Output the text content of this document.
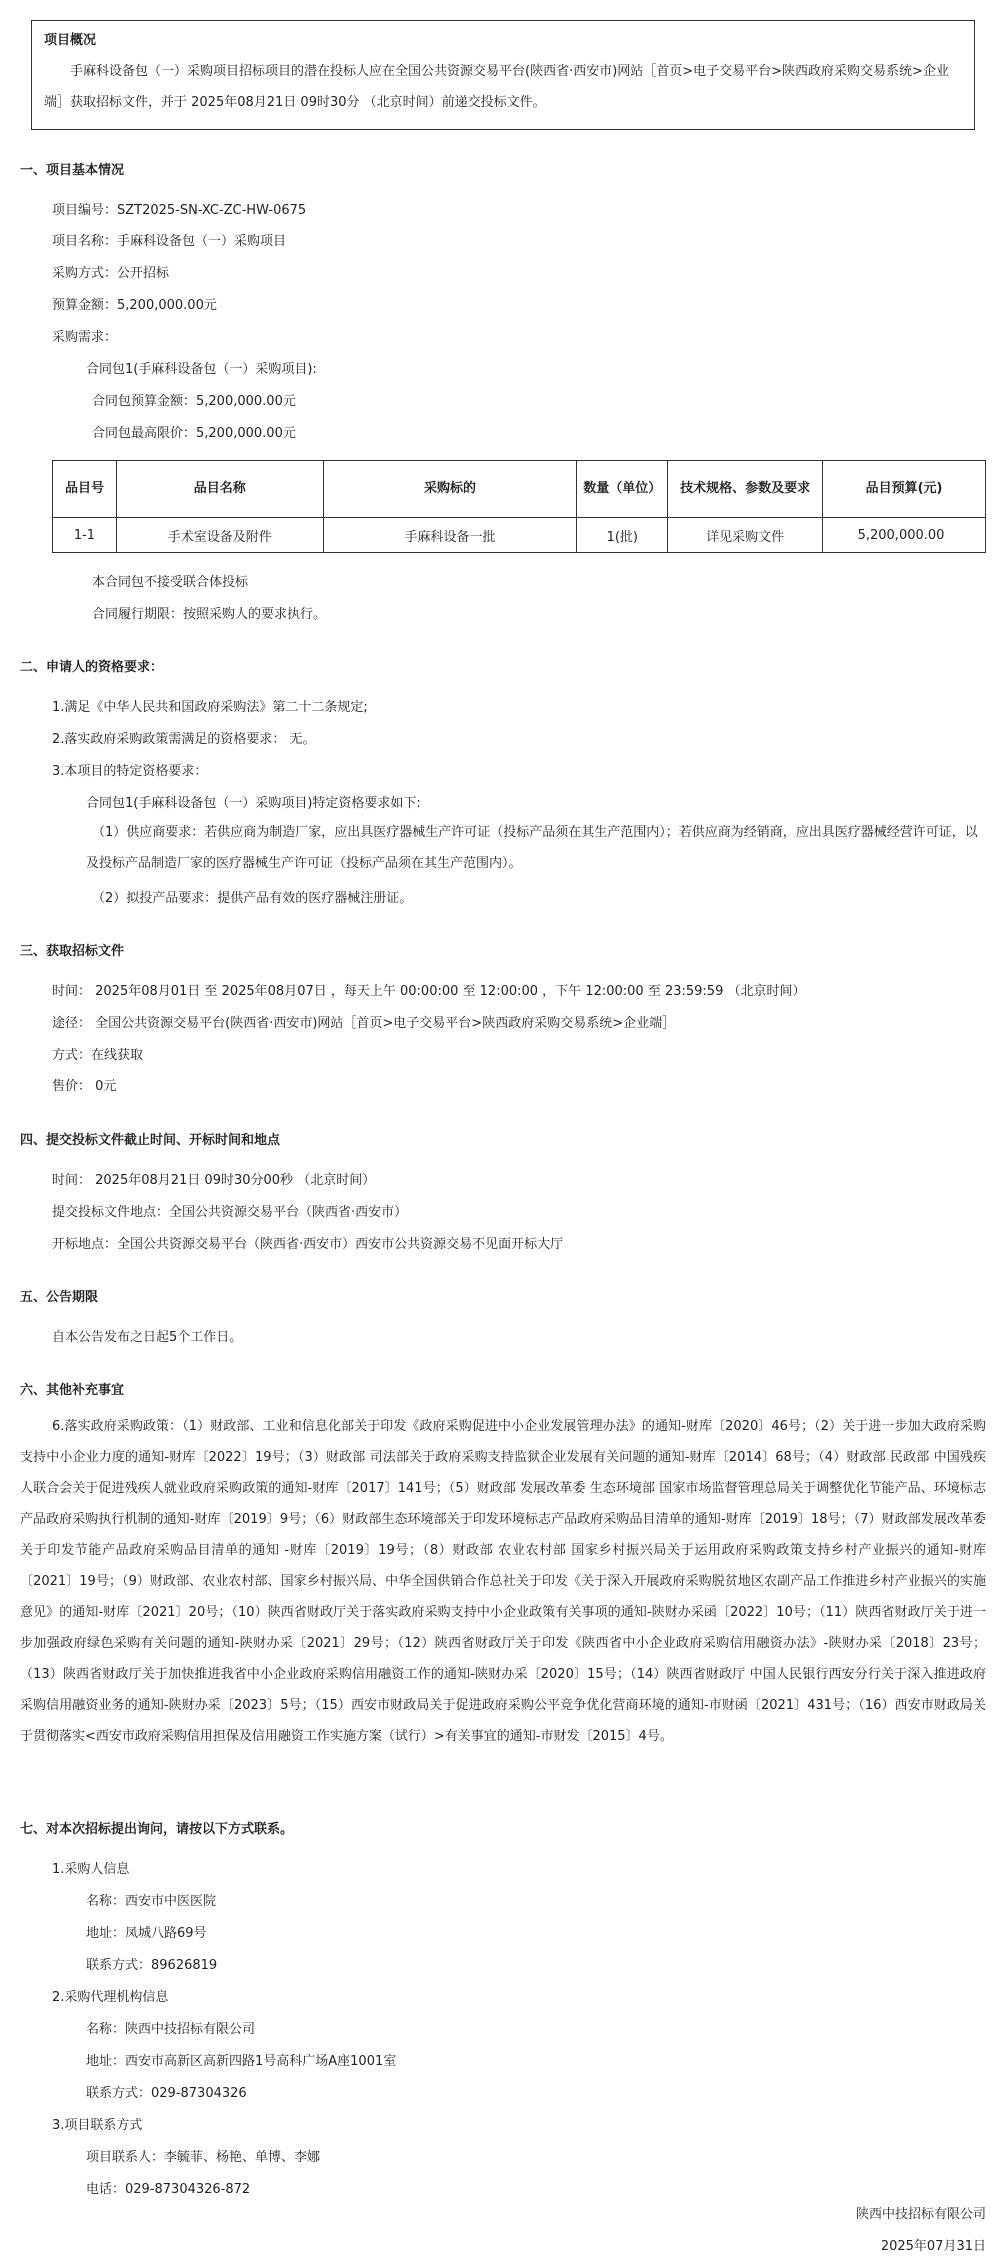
项目概况
手麻科设备包（一）采购项目招标项目的潜在投标人应在全国公共资源交易平台(陕西省·西安市)网站［首页>电子交易平台>陕西政府采购交易系统>企业端］获取招标文件，并于 2025年08月21日 09时30分 （北京时间）前递交投标文件。
一、项目基本情况
项目编号：SZT2025-SN-XC-ZC-HW-0675
项目名称：手麻科设备包（一）采购项目
采购方式：公开招标
预算金额：5,200,000.00元
采购需求：
合同包1(手麻科设备包（一）采购项目):
合同包预算金额：5,200,000.00元
合同包最高限价：5,200,000.00元
品目号	品目名称	采购标的	数量（单位）	技术规格、参数及要求	品目预算(元)
1-1	手术室设备及附件	手麻科设备一批	1(批)	详见采购文件	5,200,000.00
本合同包不接受联合体投标
合同履行期限：按照采购人的要求执行。
二、申请人的资格要求：
1.满足《中华人民共和国政府采购法》第二十二条规定;
2.落实政府采购政策需满足的资格要求： 无。
3.本项目的特定资格要求：
合同包1(手麻科设备包（一）采购项目)特定资格要求如下:
（1）供应商要求：若供应商为制造厂家，应出具医疗器械生产许可证（投标产品须在其生产范围内）；若供应商为经销商，应出具医疗器械经营许可证，以及投标产品制造厂家的医疗器械生产许可证（投标产品须在其生产范围内）。
（2）拟投产品要求：提供产品有效的医疗器械注册证。
三、获取招标文件
时间： 2025年08月01日 至 2025年08月07日 ，每天上午 00:00:00 至 12:00:00 ，下午 12:00:00 至 23:59:59 （北京时间）
途径： 全国公共资源交易平台(陕西省·西安市)网站［首页>电子交易平台>陕西政府采购交易系统>企业端］
方式：在线获取
售价： 0元
四、提交投标文件截止时间、开标时间和地点
时间： 2025年08月21日 09时30分00秒 （北京时间）
提交投标文件地点：全国公共资源交易平台（陕西省·西安市）
开标地点：全国公共资源交易平台（陕西省·西安市）西安市公共资源交易不见面开标大厅
五、公告期限
自本公告发布之日起5个工作日。
六、其他补充事宜
6.落实政府采购政策：（1）财政部、工业和信息化部关于印发《政府采购促进中小企业发展管理办法》的通知-财库〔2020〕46号；（2）关于进一步加大政府采购支持中小企业力度的通知-财库〔2022〕19号；（3）财政部 司法部关于政府采购支持监狱企业发展有关问题的通知-财库〔2014〕68号；（4）财政部 民政部 中国残疾人联合会关于促进残疾人就业政府采购政策的通知-财库〔2017〕141号；（5）财政部 发展改革委 生态环境部 国家市场监督管理总局关于调整优化节能产品、环境标志产品政府采购执行机制的通知-财库〔2019〕9号；（6）财政部生态环境部关于印发环境标志产品政府采购品目清单的通知-财库〔2019〕18号；（7）财政部发展改革委关于印发节能产品政府采购品目清单的通知 -财库〔2019〕19号；（8）财政部 农业农村部 国家乡村振兴局关于运用政府采购政策支持乡村产业振兴的通知-财库〔2021〕19号；（9）财政部、农业农村部、国家乡村振兴局、中华全国供销合作总社关于印发《关于深入开展政府采购脱贫地区农副产品工作推进乡村产业振兴的实施意见》的通知-财库〔2021〕20号；（10）陕西省财政厅关于落实政府采购支持中小企业政策有关事项的通知-陕财办采函〔2022〕10号；（11）陕西省财政厅关于进一步加强政府绿色采购有关问题的通知-陕财办采〔2021〕29号；（12）陕西省财政厅关于印发《陕西省中小企业政府采购信用融资办法》-陕财办采〔2018〕23号；（13）陕西省财政厅关于加快推进我省中小企业政府采购信用融资工作的通知-陕财办采〔2020〕15号；（14）陕西省财政厅 中国人民银行西安分行关于深入推进政府采购信用融资业务的通知-陕财办采〔2023〕5号；（15）西安市财政局关于促进政府采购公平竞争优化营商环境的通知-市财函〔2021〕431号；（16）西安市财政局关于贯彻落实<西安市政府采购信用担保及信用融资工作实施方案（试行）>有关事宜的通知-市财发〔2015〕4号。
七、对本次招标提出询问，请按以下方式联系。
1.采购人信息
名称：西安市中医医院
地址：凤城八路69号
联系方式：89626819
2.采购代理机构信息
名称：陕西中技招标有限公司
地址：西安市高新区高新四路1号高科广场A座1001室
联系方式：029-87304326
3.项目联系方式
项目联系人：李毓菲、杨艳、单博、李娜
电话：029-87304326-872
陕西中技招标有限公司
2025年07月31日
